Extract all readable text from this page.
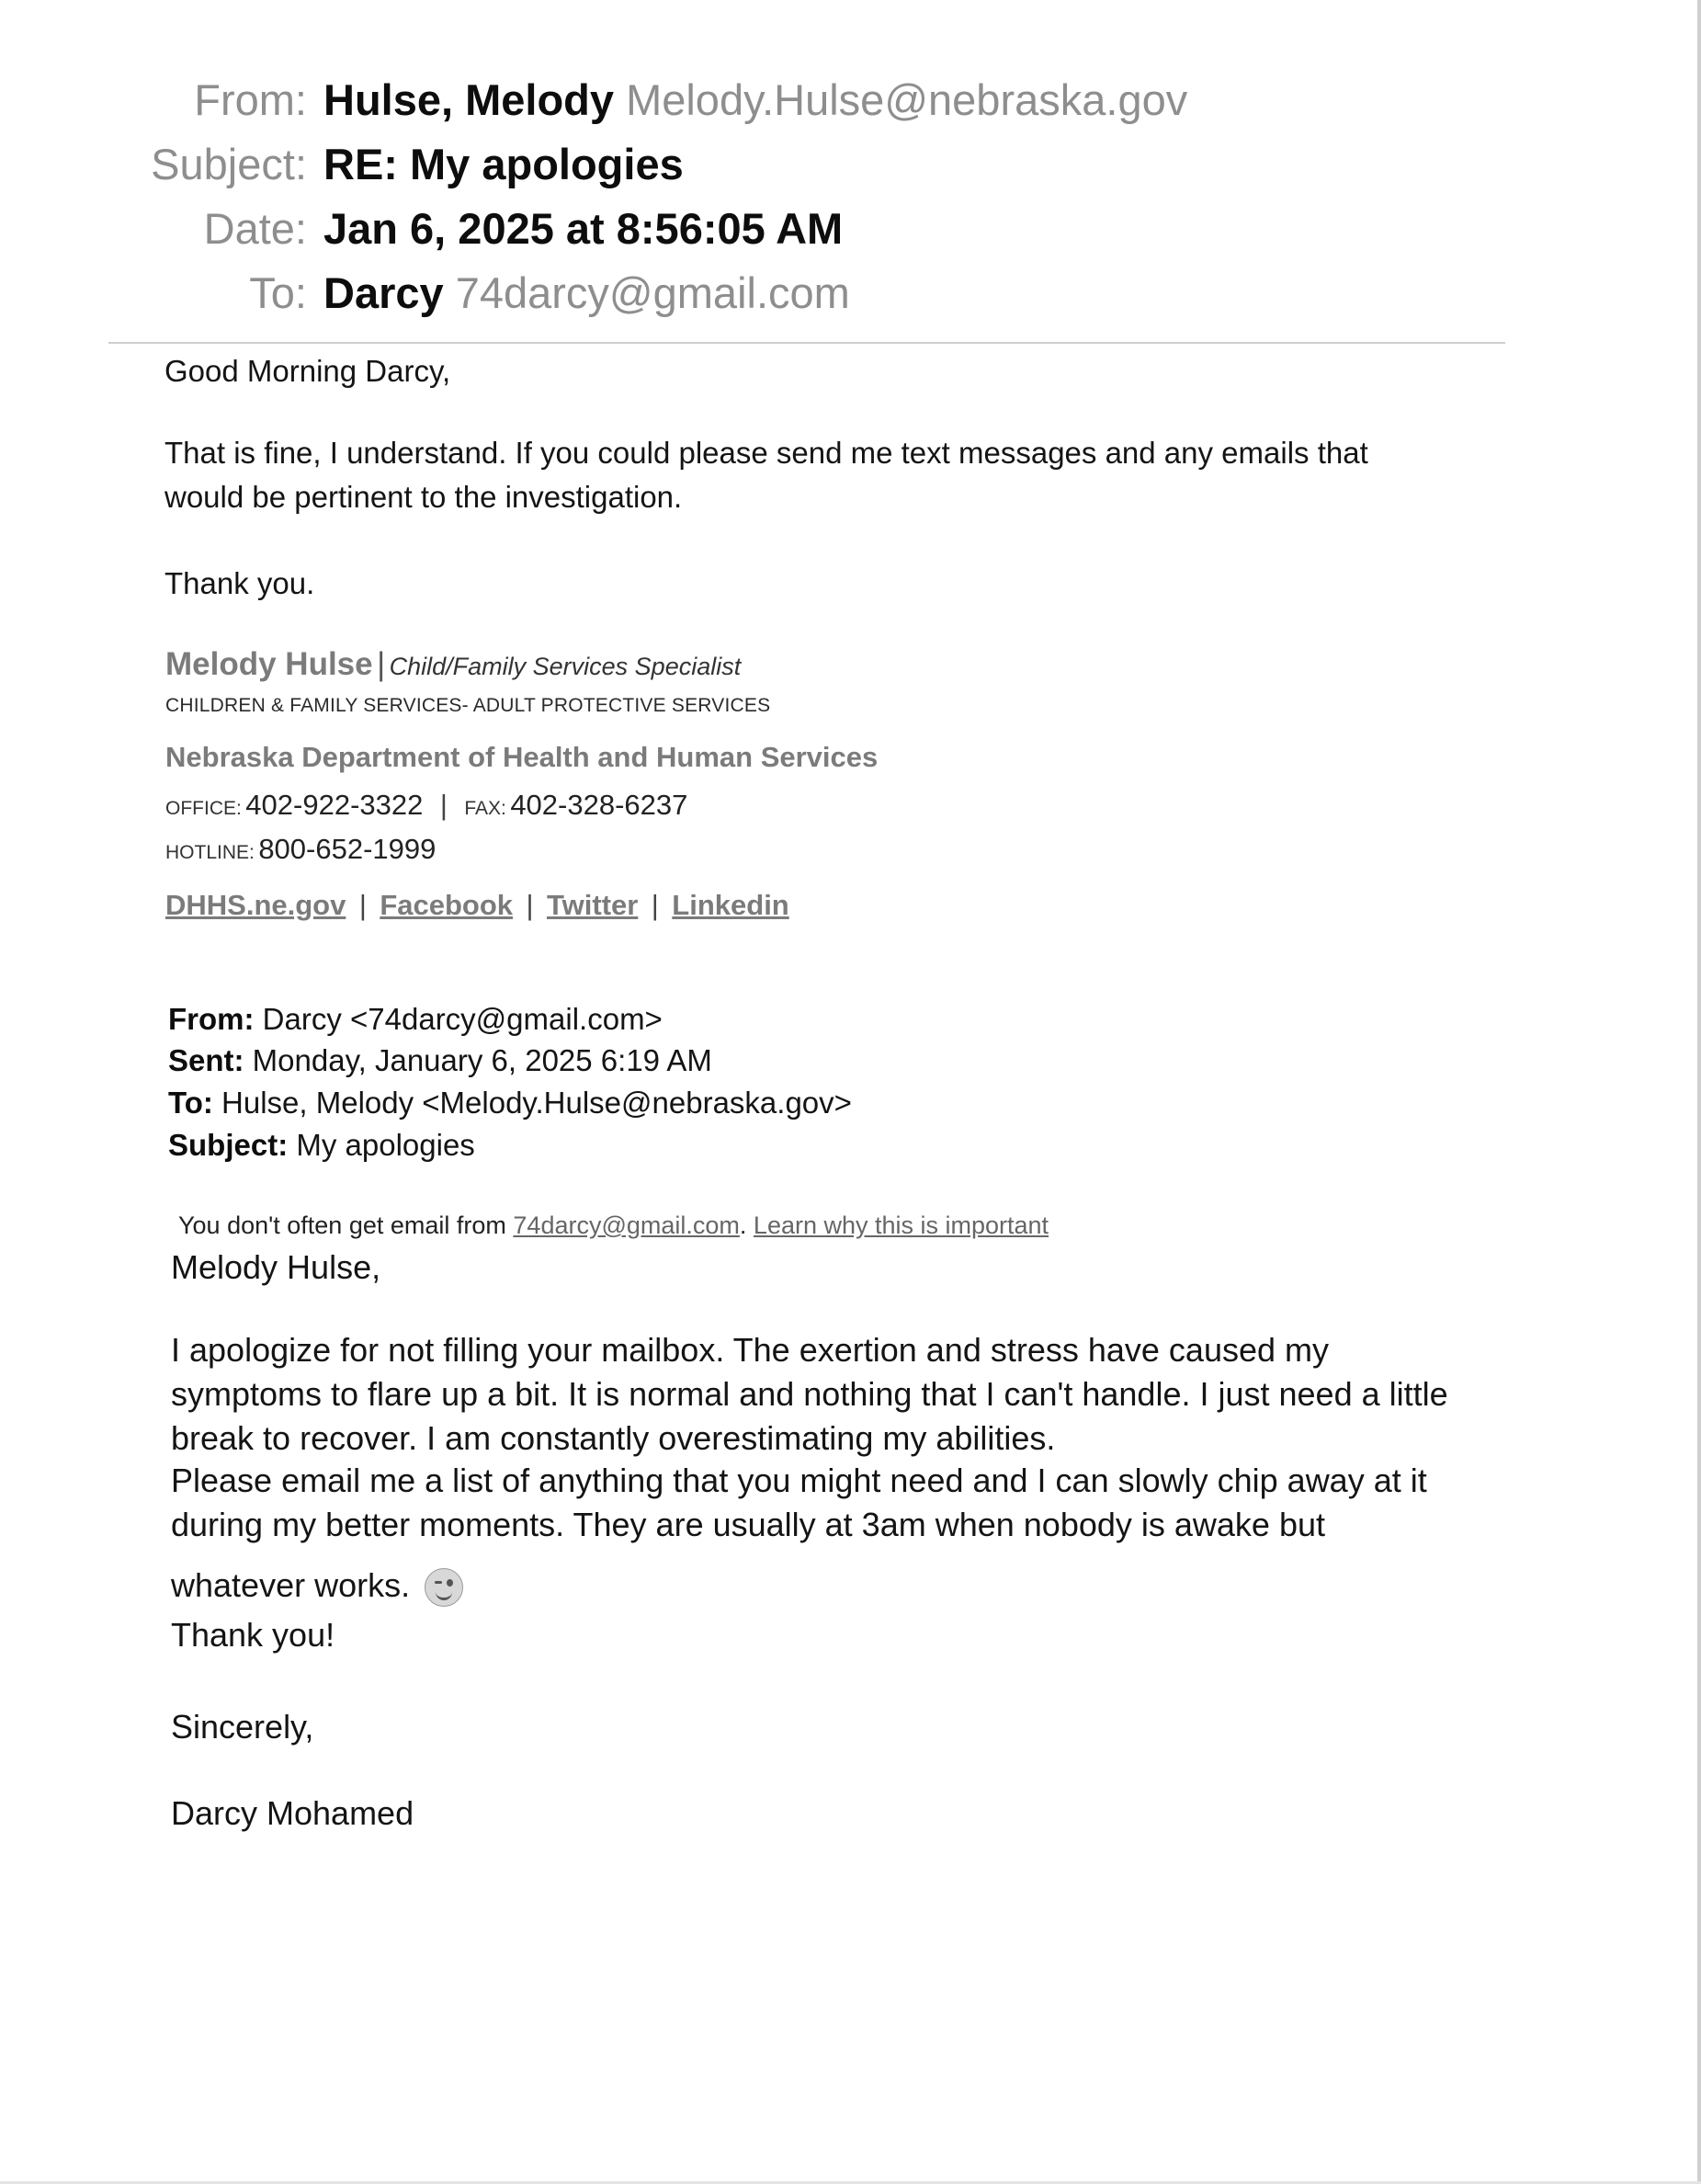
From: Hulse, Melody Melody.Hulse@nebraska.gov
Subject: RE: My apologies
Date: Jan 6, 2025 at 8:56:05 AM
To: Darcy 74darcy@gmail.com
Good Morning Darcy,
That is fine, I understand. If you could please send me text messages and any emails that
would be pertinent to the investigation.
Thank you.
Melody Hulse | Child/Family Services Specialist
CHILDREN & FAMILY SERVICES- ADULT PROTECTIVE SERVICES
Nebraska Department of Health and Human Services
OFFICE: 402-922-3322 | FAX: 402-328-6237
HOTLINE: 800-652-1999
DHHS.ne.gov | Facebook | Twitter | Linkedin
From: Darcy <74darcy@gmail.com>
Sent: Monday, January 6, 2025 6:19 AM
To: Hulse, Melody <Melody.Hulse@nebraska.gov>
Subject: My apologies
You don't often get email from 74darcy@gmail.com. Learn why this is important
Melody Hulse,
I apologize for not filling your mailbox. The exertion and stress have caused my
symptoms to flare up a bit. It is normal and nothing that I can't handle. I just need a little
break to recover. I am constantly overestimating my abilities.
Please email me a list of anything that you might need and I can slowly chip away at it
during my better moments. They are usually at 3am when nobody is awake but
whatever works.
Thank you!
Sincerely,
Darcy Mohamed
